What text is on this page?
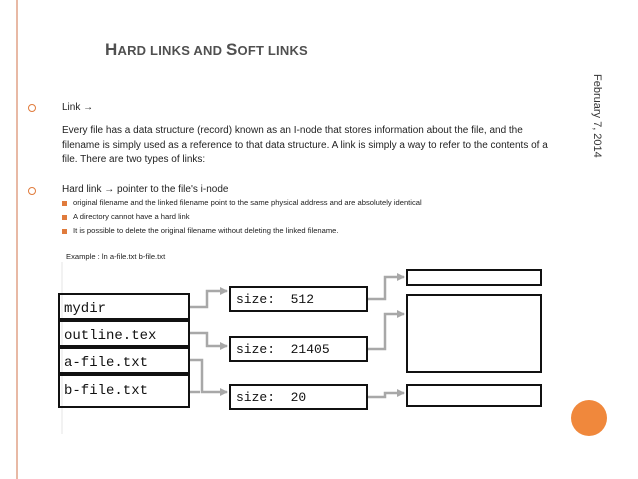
HARD LINKS AND SOFT LINKS
February 7, 2014
Link →
Every file has a data structure (record) known as an I-node that stores information about the file, and the filename is simply used as a reference to that data structure. A link is simply a way to refer to the contents of a file. There are two types of links:
Hard link → pointer to the file's i-node
original filename and the linked filename point to the same physical address and are absolutely identical
A directory cannot have a hard link
It is possible to delete the original filename without deleting the linked filename.
Example : ln a-file.txt b-file.txt
mydir
outline.tex
a-file.txt
b-file.txt
size:  512
size:  21405
size:  20
